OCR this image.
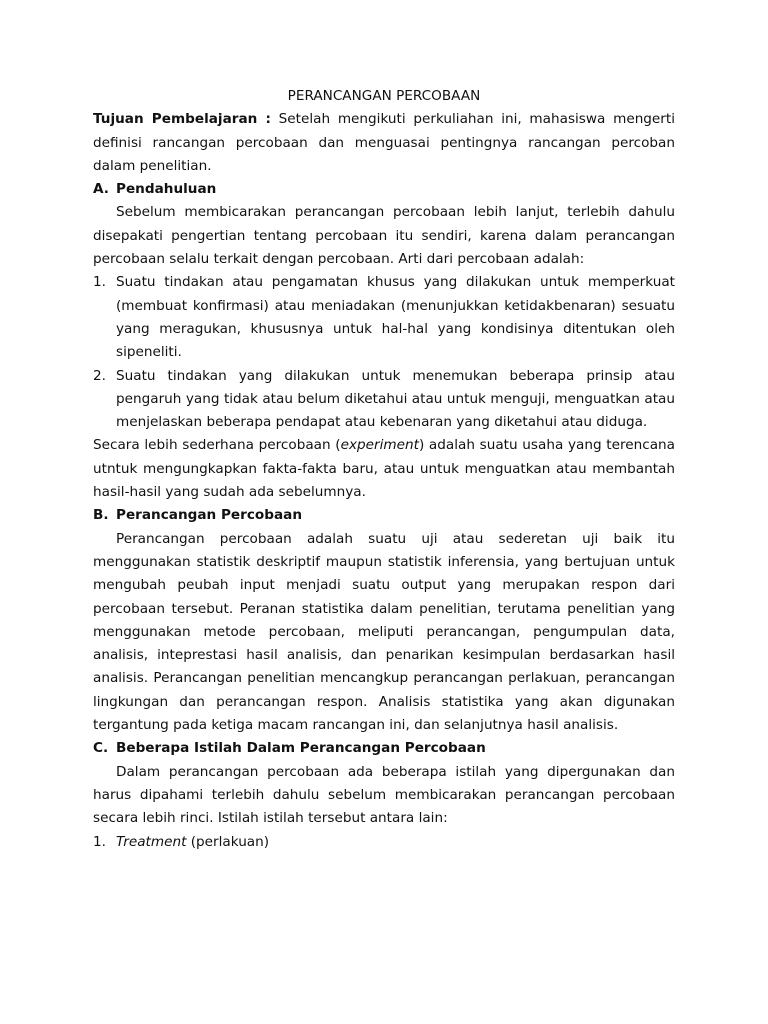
PERANCANGAN PERCOBAAN

Tujuan Pembelajaran : Setelah mengikuti perkuliahan ini, mahasiswa mengerti definisi rancangan percobaan dan menguasai pentingnya rancangan percoban dalam penelitian.

A. Pendahuluan

Sebelum membicarakan perancangan percobaan lebih lanjut, terlebih dahulu disepakati pengertian tentang percobaan itu sendiri, karena dalam perancangan percobaan selalu terkait dengan percobaan. Arti dari percobaan adalah:

1. Suatu tindakan atau pengamatan khusus yang dilakukan untuk memperkuat (membuat konfirmasi) atau meniadakan (menunjukkan ketidakbenaran) sesuatu yang meragukan, khususnya untuk hal-hal yang kondisinya ditentukan oleh sipeneliti.
2. Suatu tindakan yang dilakukan untuk menemukan beberapa prinsip atau pengaruh yang tidak atau belum diketahui atau untuk menguji, menguatkan atau menjelaskan beberapa pendapat atau kebenaran yang diketahui atau diduga.

Secara lebih sederhana percobaan (experiment) adalah suatu usaha yang terencana utntuk mengungkapkan fakta-fakta baru, atau untuk menguatkan atau membantah hasil-hasil yang sudah ada sebelumnya.

B. Perancangan Percobaan

Perancangan percobaan adalah suatu uji atau sederetan uji baik itu menggunakan statistik deskriptif maupun statistik inferensia, yang bertujuan untuk mengubah peubah input menjadi suatu output yang merupakan respon dari percobaan tersebut. Peranan statistika dalam penelitian, terutama penelitian yang menggunakan metode percobaan, meliputi perancangan, pengumpulan data, analisis, inteprestasi hasil analisis, dan penarikan kesimpulan berdasarkan hasil analisis. Perancangan penelitian mencangkup perancangan perlakuan, perancangan lingkungan dan perancangan respon. Analisis statistika yang akan digunakan tergantung pada ketiga macam rancangan ini, dan selanjutnya hasil analisis.

C. Beberapa Istilah Dalam Perancangan Percobaan

Dalam perancangan percobaan ada beberapa istilah yang dipergunakan dan harus dipahami terlebih dahulu sebelum membicarakan perancangan percobaan secara lebih rinci. Istilah istilah tersebut antara lain:

1. Treatment (perlakuan)
